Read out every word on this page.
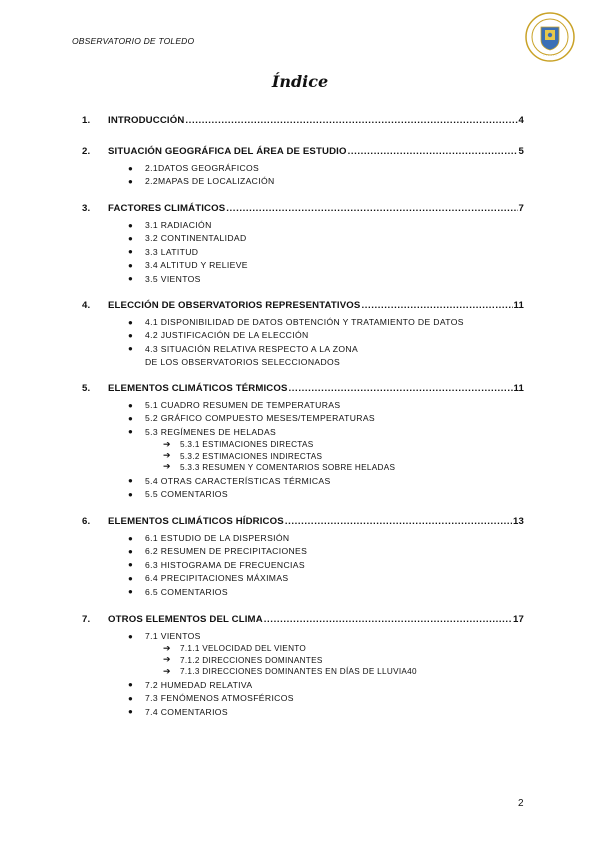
OBSERVATORIO DE TOLEDO
· · · · · ·
Índice
1.	INTRODUCCIÓN .....	4
2.	SITUACIÓN GEOGRÁFICA DEL ÁREA DE ESTUDIO .....	5
● 2.1DATOS GEOGRÁFICOS
● 2.2MAPAS DE LOCALIZACIÓN
3.	FACTORES CLIMÁTICOS .....	7
● 3.1 RADIACIÓN
● 3.2 CONTINENTALIDAD
● 3.3 LATITUD
● 3.4 ALTITUD Y RELIEVE
● 3.5 VIENTOS
4.	ELECCIÓN DE OBSERVATORIOS REPRESENTATIVOS .....	11
● 4.1 DISPONIBILIDAD DE DATOS OBTENCIÓN Y TRATAMIENTO DE DATOS
● 4.2 JUSTIFICACIÓN DE LA ELECCIÓN
● 4.3 SITUACIÓN RELATIVA RESPECTO A LA ZONA
DE LOS OBSERVATORIOS SELECCIONADOS
5.	ELEMENTOS CLIMÁTICOS TÉRMICOS .....	11
● 5.1 CUADRO RESUMEN DE TEMPERATURAS
● 5.2 GRÁFICO COMPUESTO MESES/TEMPERATURAS
● 5.3 REGÍMENES DE HELADAS
➔ 5.3.1 ESTIMACIONES DIRECTAS
➔ 5.3.2 ESTIMACIONES INDIRECTAS
➔ 5.3.3 RESUMEN Y COMENTARIOS SOBRE HELADAS
● 5.4 OTRAS CARACTERÍSTICAS TÉRMICAS
● 5.5 COMENTARIOS
6.	ELEMENTOS CLIMÁTICOS HÍDRICOS .....	13
● 6.1 ESTUDIO DE LA DISPERSIÓN
● 6.2 RESUMEN DE PRECIPITACIONES
● 6.3 HISTOGRAMA DE FRECUENCIAS
● 6.4 PRECIPITACIONES MÁXIMAS
● 6.5 COMENTARIOS
7.	OTROS ELEMENTOS DEL CLIMA .....	17
● 7.1 VIENTOS
➔ 7.1.1 VELOCIDAD DEL VIENTO
➔ 7.1.2 DIRECCIONES DOMINANTES
➔ 7.1.3 DIRECCIONES DOMINANTES EN DÍAS DE LLUVIA40
● 7.2 HUMEDAD RELATIVA
● 7.3 FENÓMENOS ATMOSFÉRICOS
● 7.4 COMENTARIOS
2
